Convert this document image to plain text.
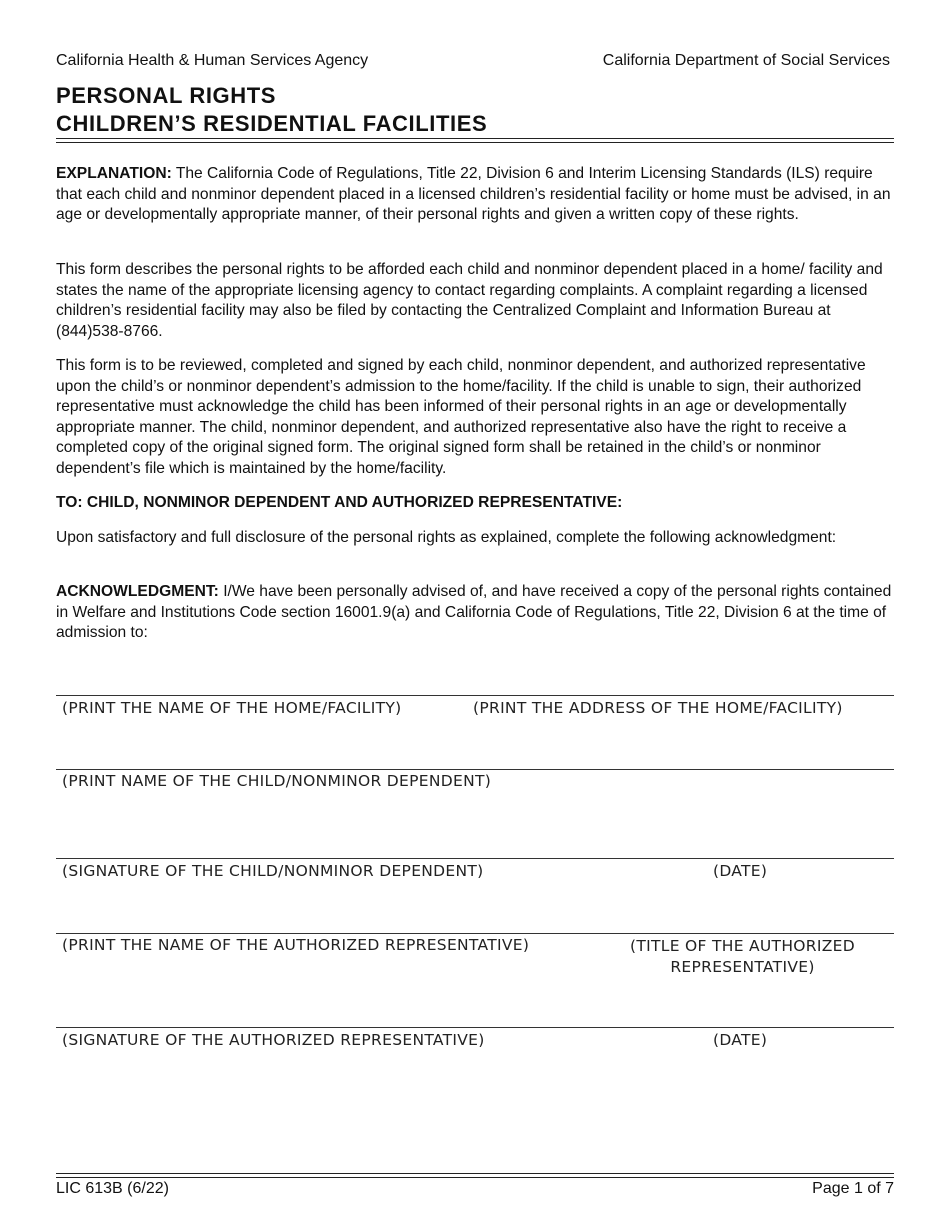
California Health & Human Services Agency	California Department of Social Services
PERSONAL RIGHTS
CHILDREN’S RESIDENTIAL FACILITIES
EXPLANATION: The California Code of Regulations, Title 22, Division 6 and Interim Licensing Standards (ILS) require that each child and nonminor dependent placed in a licensed children’s residential facility or home must be advised, in an age or developmentally appropriate manner, of their personal rights and given a written copy of these rights.
This form describes the personal rights to be afforded each child and nonminor dependent placed in a home/ facility and states the name of the appropriate licensing agency to contact regarding complaints. A complaint regarding a licensed children’s residential facility may also be filed by contacting the Centralized Complaint and Information Bureau at (844)538-8766.
This form is to be reviewed, completed and signed by each child, nonminor dependent, and authorized representative upon the child’s or nonminor dependent’s admission to the home/facility. If the child is unable to sign, their authorized representative must acknowledge the child has been informed of their personal rights in an age or developmentally appropriate manner. The child, nonminor dependent, and authorized representative also have the right to receive a completed copy of the original signed form. The original signed form shall be retained in the child’s or nonminor dependent’s file which is maintained by the home/facility.
TO: CHILD, NONMINOR DEPENDENT AND AUTHORIZED REPRESENTATIVE:
Upon satisfactory and full disclosure of the personal rights as explained, complete the following acknowledgment:
ACKNOWLEDGMENT: I/We have been personally advised of, and have received a copy of the personal rights contained in Welfare and Institutions Code section 16001.9(a) and California Code of Regulations, Title 22, Division 6 at the time of admission to:
(PRINT THE NAME OF THE HOME/FACILITY)	(PRINT THE ADDRESS OF THE HOME/FACILITY)
(PRINT NAME OF THE CHILD/NONMINOR DEPENDENT)
(SIGNATURE OF THE CHILD/NONMINOR DEPENDENT)	(DATE)
(PRINT THE NAME OF THE AUTHORIZED REPRESENTATIVE)	(TITLE OF THE AUTHORIZED
REPRESENTATIVE)
(SIGNATURE OF THE AUTHORIZED REPRESENTATIVE)	(DATE)
LIC 613B (6/22)	Page 1 of 7
